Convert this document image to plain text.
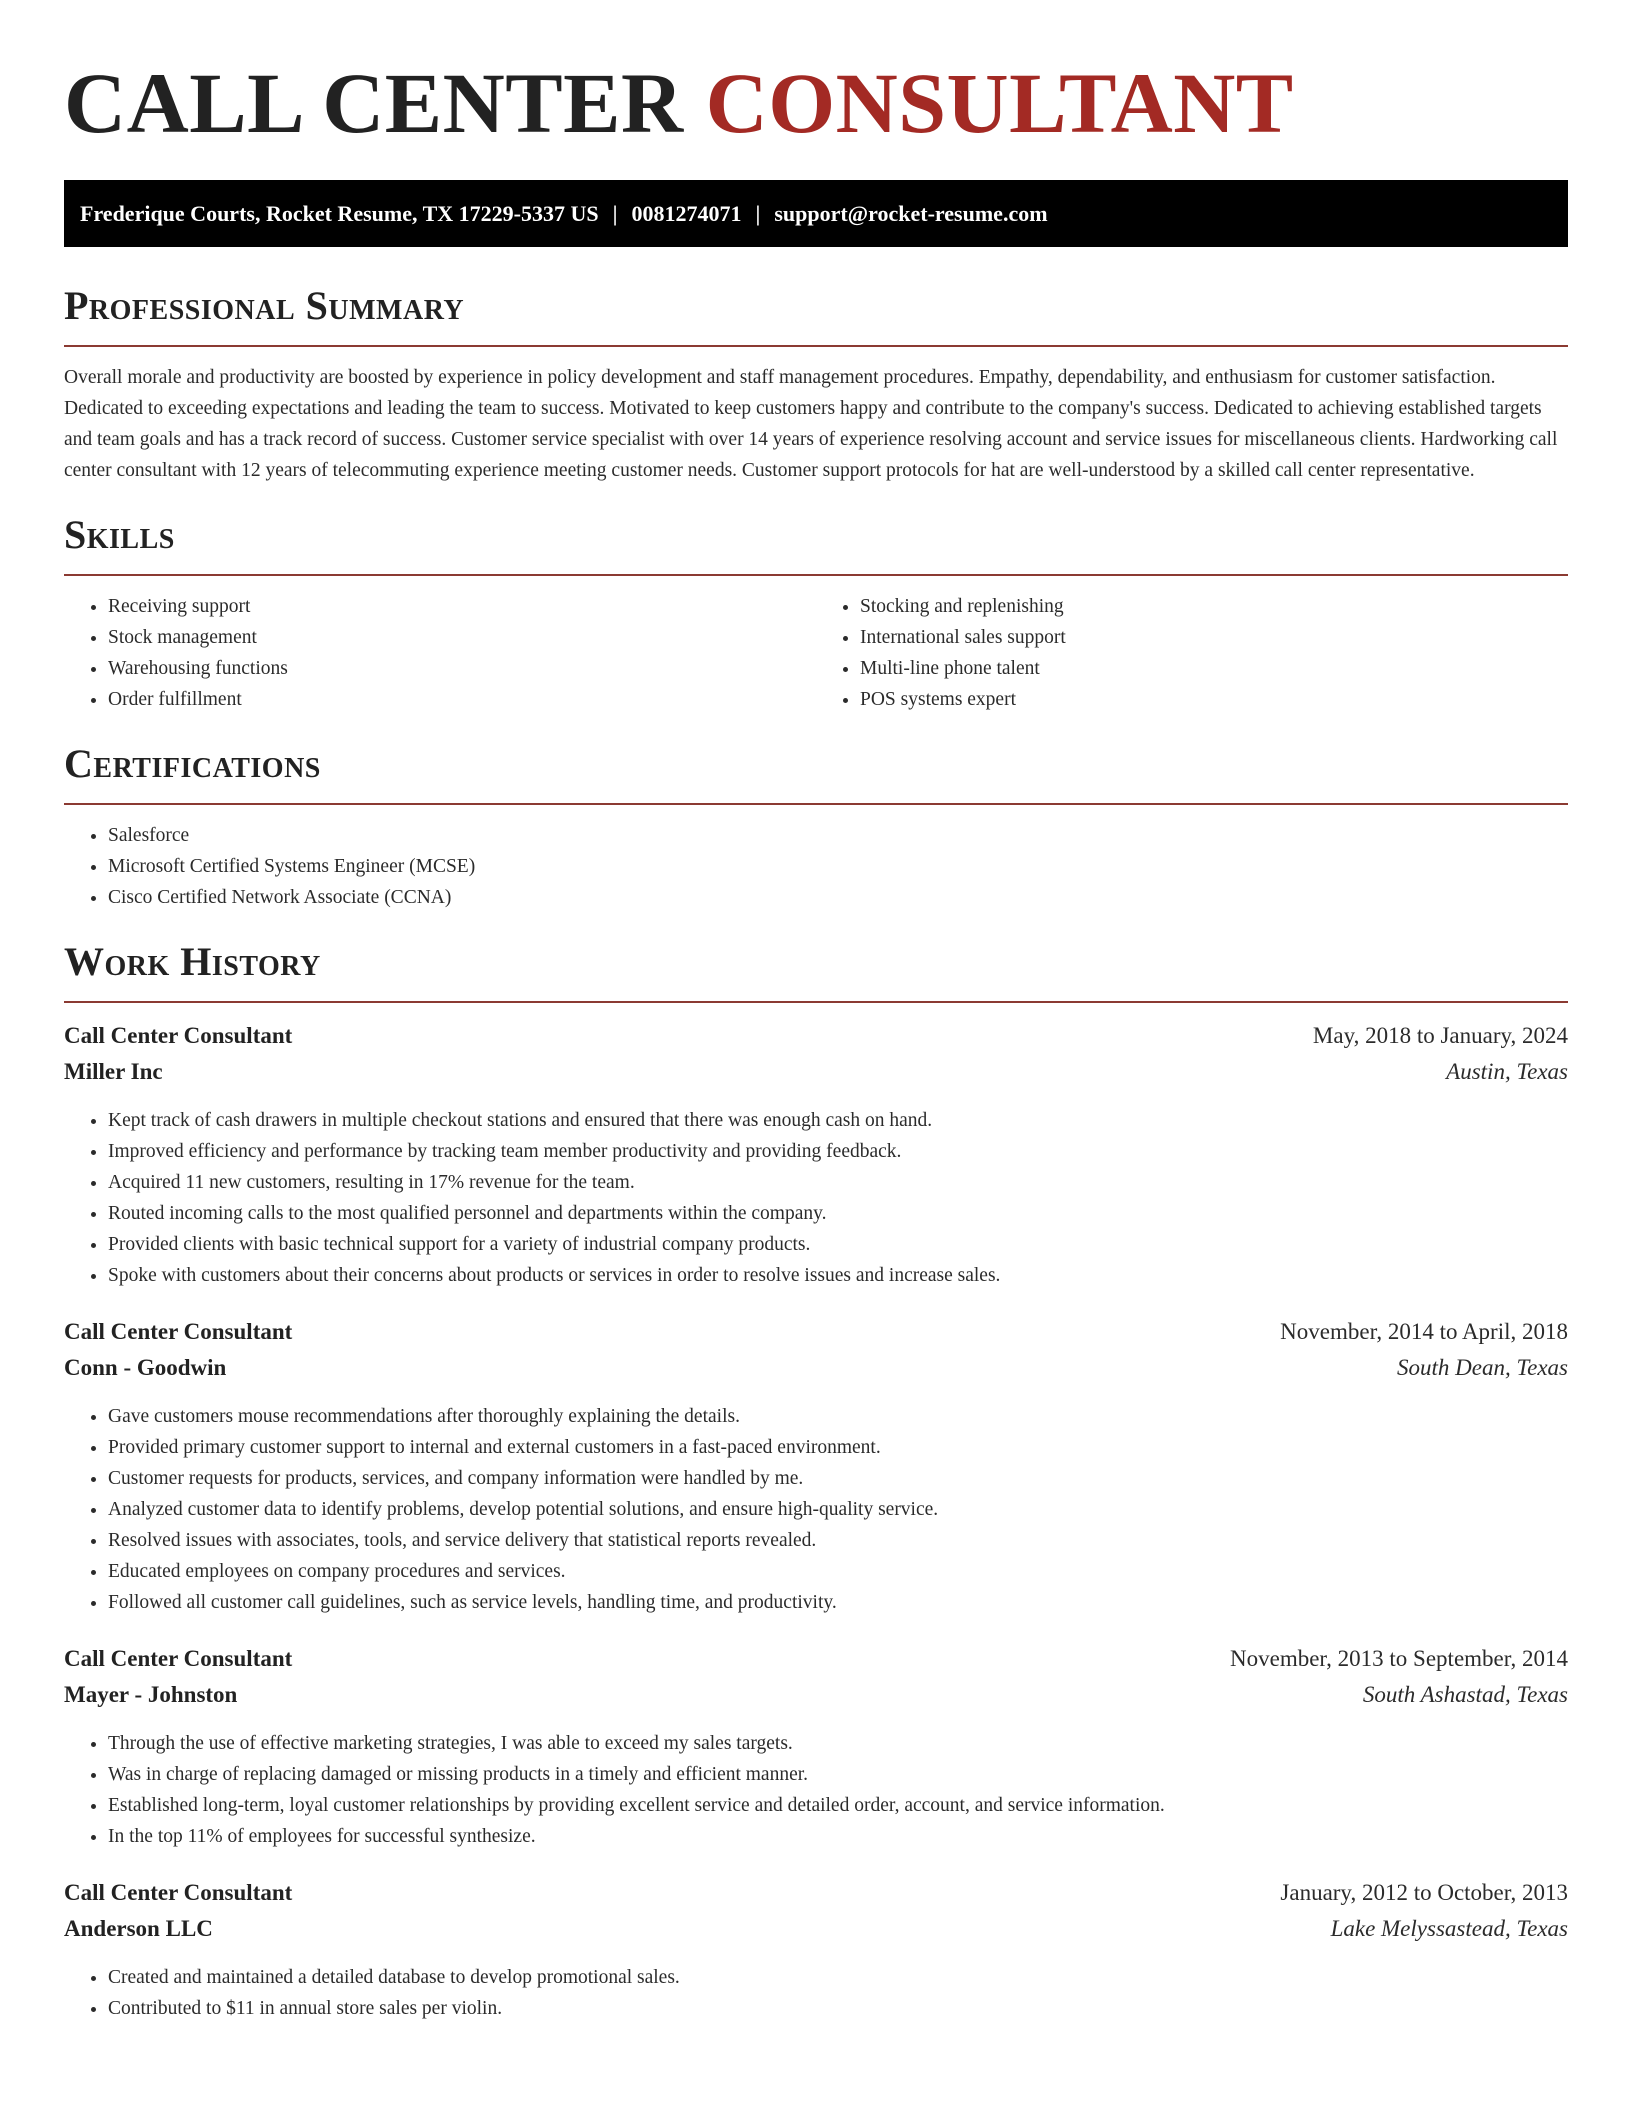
CALL CENTER CONSULTANT
Frederique Courts, Rocket Resume, TX 17229-5337 US | 0081274071 | support@rocket-resume.com
Professional Summary

Overall morale and productivity are boosted by experience in policy development and staff management procedures. Empathy, dependability, and enthusiasm for customer satisfaction. Dedicated to exceeding expectations and leading the team to success. Motivated to keep customers happy and contribute to the company's success. Dedicated to achieving established targets and team goals and has a track record of success. Customer service specialist with over 14 years of experience resolving account and service issues for miscellaneous clients. Hardworking call center consultant with 12 years of telecommuting experience meeting customer needs. Customer support protocols for hat are well-understood by a skilled call center representative.

Skills
• Receiving support
• Stock management
• Warehousing functions
• Order fulfillment
• Stocking and replenishing
• International sales support
• Multi-line phone talent
• POS systems expert
Certifications
• Salesforce
• Microsoft Certified Systems Engineer (MCSE)
• Cisco Certified Network Associate (CCNA)
Work History
Call Center Consultant	May, 2018 to January, 2024
Miller Inc	Austin, Texas
• Kept track of cash drawers in multiple checkout stations and ensured that there was enough cash on hand.
• Improved efficiency and performance by tracking team member productivity and providing feedback.
• Acquired 11 new customers, resulting in 17% revenue for the team.
• Routed incoming calls to the most qualified personnel and departments within the company.
• Provided clients with basic technical support for a variety of industrial company products.
• Spoke with customers about their concerns about products or services in order to resolve issues and increase sales.
Call Center Consultant	November, 2014 to April, 2018
Conn - Goodwin	South Dean, Texas
• Gave customers mouse recommendations after thoroughly explaining the details.
• Provided primary customer support to internal and external customers in a fast-paced environment.
• Customer requests for products, services, and company information were handled by me.
• Analyzed customer data to identify problems, develop potential solutions, and ensure high-quality service.
• Resolved issues with associates, tools, and service delivery that statistical reports revealed.
• Educated employees on company procedures and services.
• Followed all customer call guidelines, such as service levels, handling time, and productivity.
Call Center Consultant	November, 2013 to September, 2014
Mayer - Johnston	South Ashastad, Texas
• Through the use of effective marketing strategies, I was able to exceed my sales targets.
• Was in charge of replacing damaged or missing products in a timely and efficient manner.
• Established long-term, loyal customer relationships by providing excellent service and detailed order, account, and service information.
• In the top 11% of employees for successful synthesize.
Call Center Consultant	January, 2012 to October, 2013
Anderson LLC	Lake Melyssastead, Texas
• Created and maintained a detailed database to develop promotional sales.
• Contributed to $11 in annual store sales per violin.
